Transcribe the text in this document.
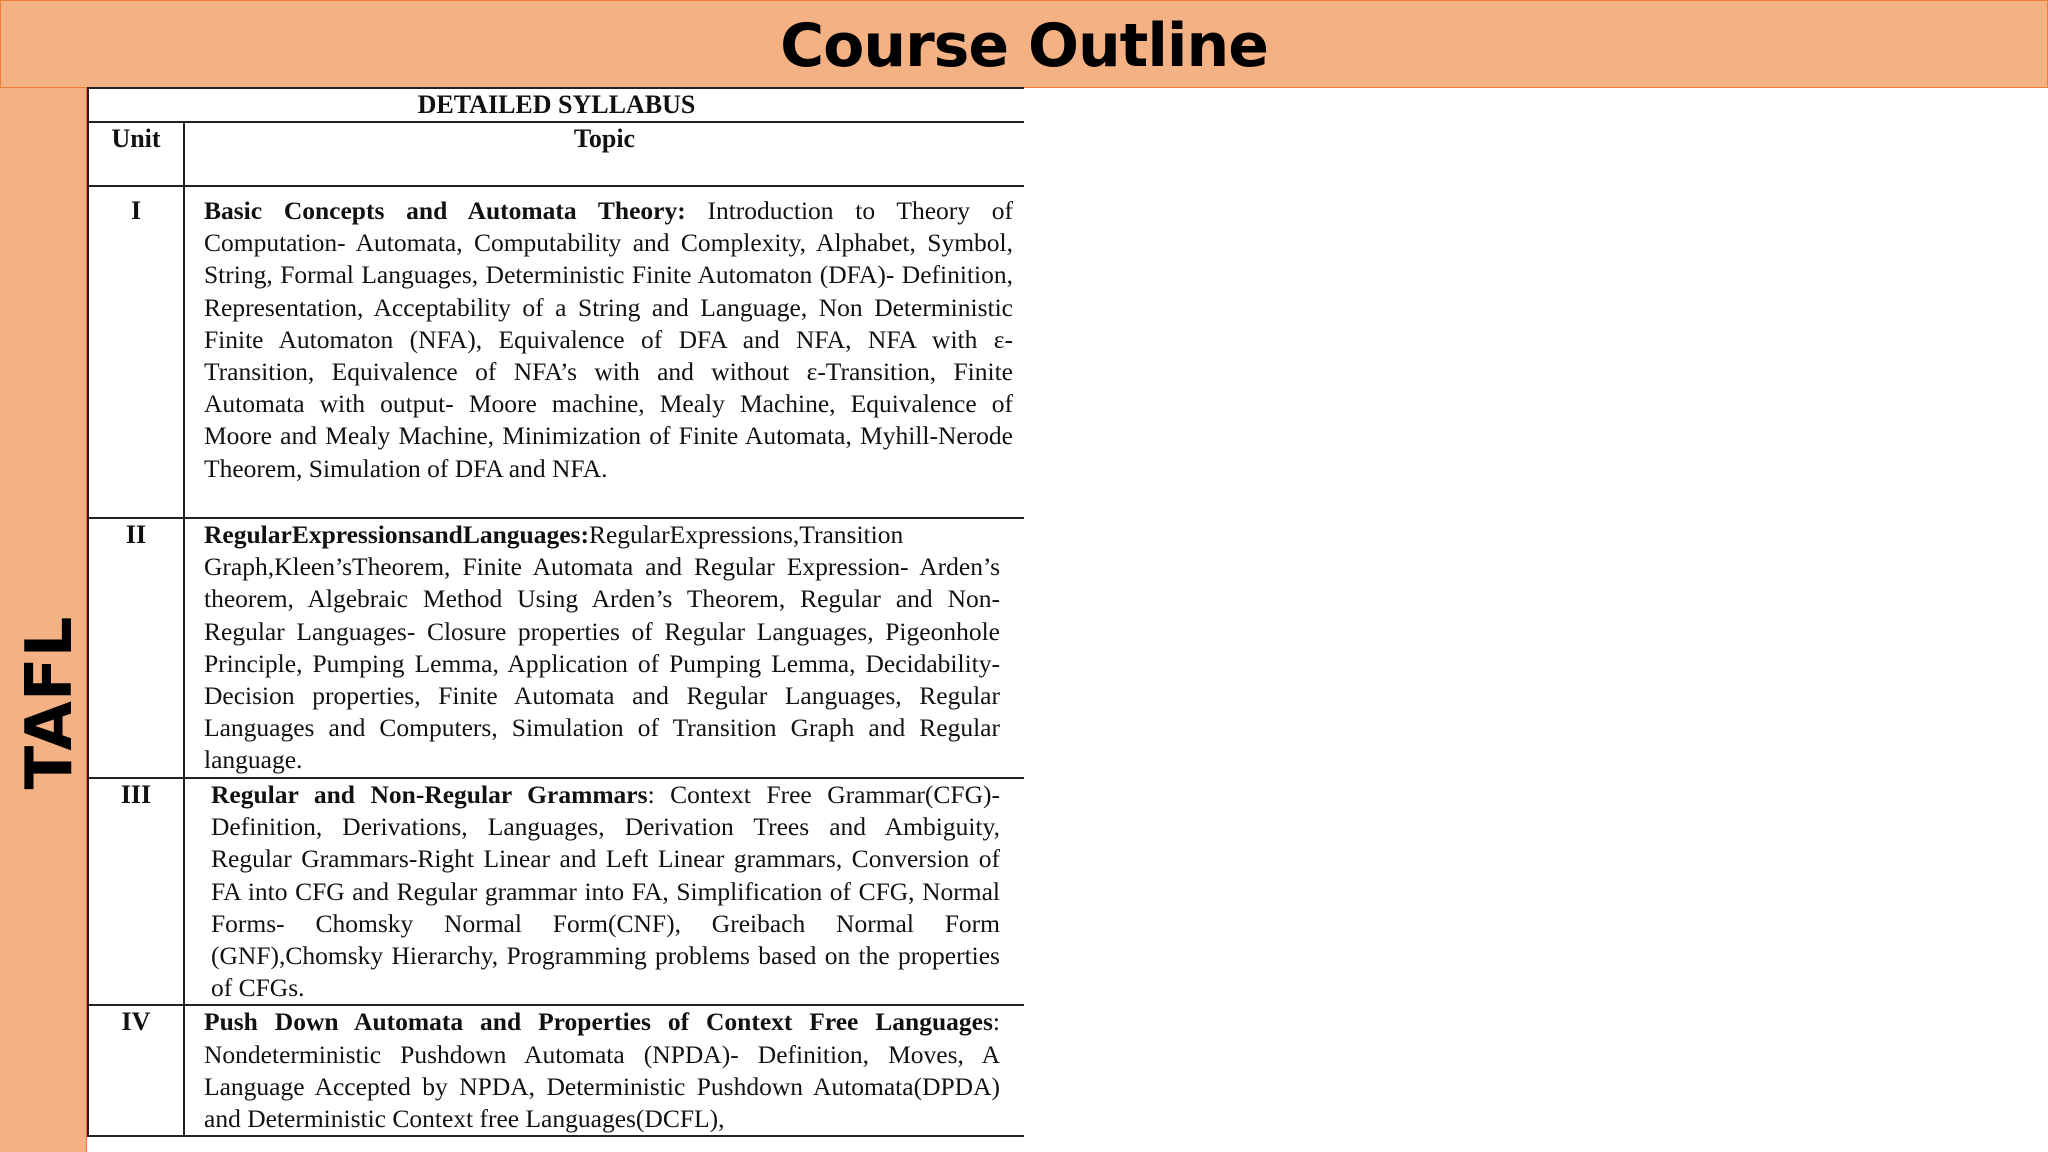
Course Outline
TAFL
DETAILED SYLLABUS	
Unit	Topic
I	Basic Concepts and Automata Theory: Introduction to Theory of Computation- Automata, Computability and Complexity, Alphabet, Symbol, String, Formal Languages, Deterministic Finite Automaton (DFA)- Definition, Representation, Acceptability of a String and Language, Non Deterministic Finite Automaton (NFA), Equivalence of DFA and NFA, NFA with ε-Transition, Equivalence of NFA’s with and without ε-Transition, Finite Automata with output- Moore machine, Mealy Machine, Equivalence of Moore and Mealy Machine, Minimization of Finite Automata, Myhill-Nerode Theorem, Simulation of DFA and NFA.
II	RegularExpressionsandLanguages:RegularExpressions,Transition Graph,Kleen’sTheorem, Finite Automata and Regular Expression- Arden’s theorem, Algebraic Method Using Arden’s Theorem, Regular and Non-Regular Languages- Closure properties of Regular Languages, Pigeonhole Principle, Pumping Lemma, Application of Pumping Lemma, Decidability- Decision properties, Finite Automata and Regular Languages, Regular Languages and Computers, Simulation of Transition Graph and Regular language.
III	Regular and Non-Regular Grammars: Context Free Grammar(CFG)-Definition, Derivations, Languages, Derivation Trees and Ambiguity, Regular Grammars-Right Linear and Left Linear grammars, Conversion of FA into CFG and Regular grammar into FA, Simplification of CFG, Normal Forms- Chomsky Normal Form(CNF), Greibach Normal Form (GNF),Chomsky Hierarchy, Programming problems based on the properties of CFGs.
IV	Push Down Automata and Properties of Context Free Languages: Nondeterministic Pushdown Automata (NPDA)- Definition, Moves, A Language Accepted by NPDA, Deterministic Pushdown Automata(DPDA) and Deterministic Context free Languages(DCFL),
